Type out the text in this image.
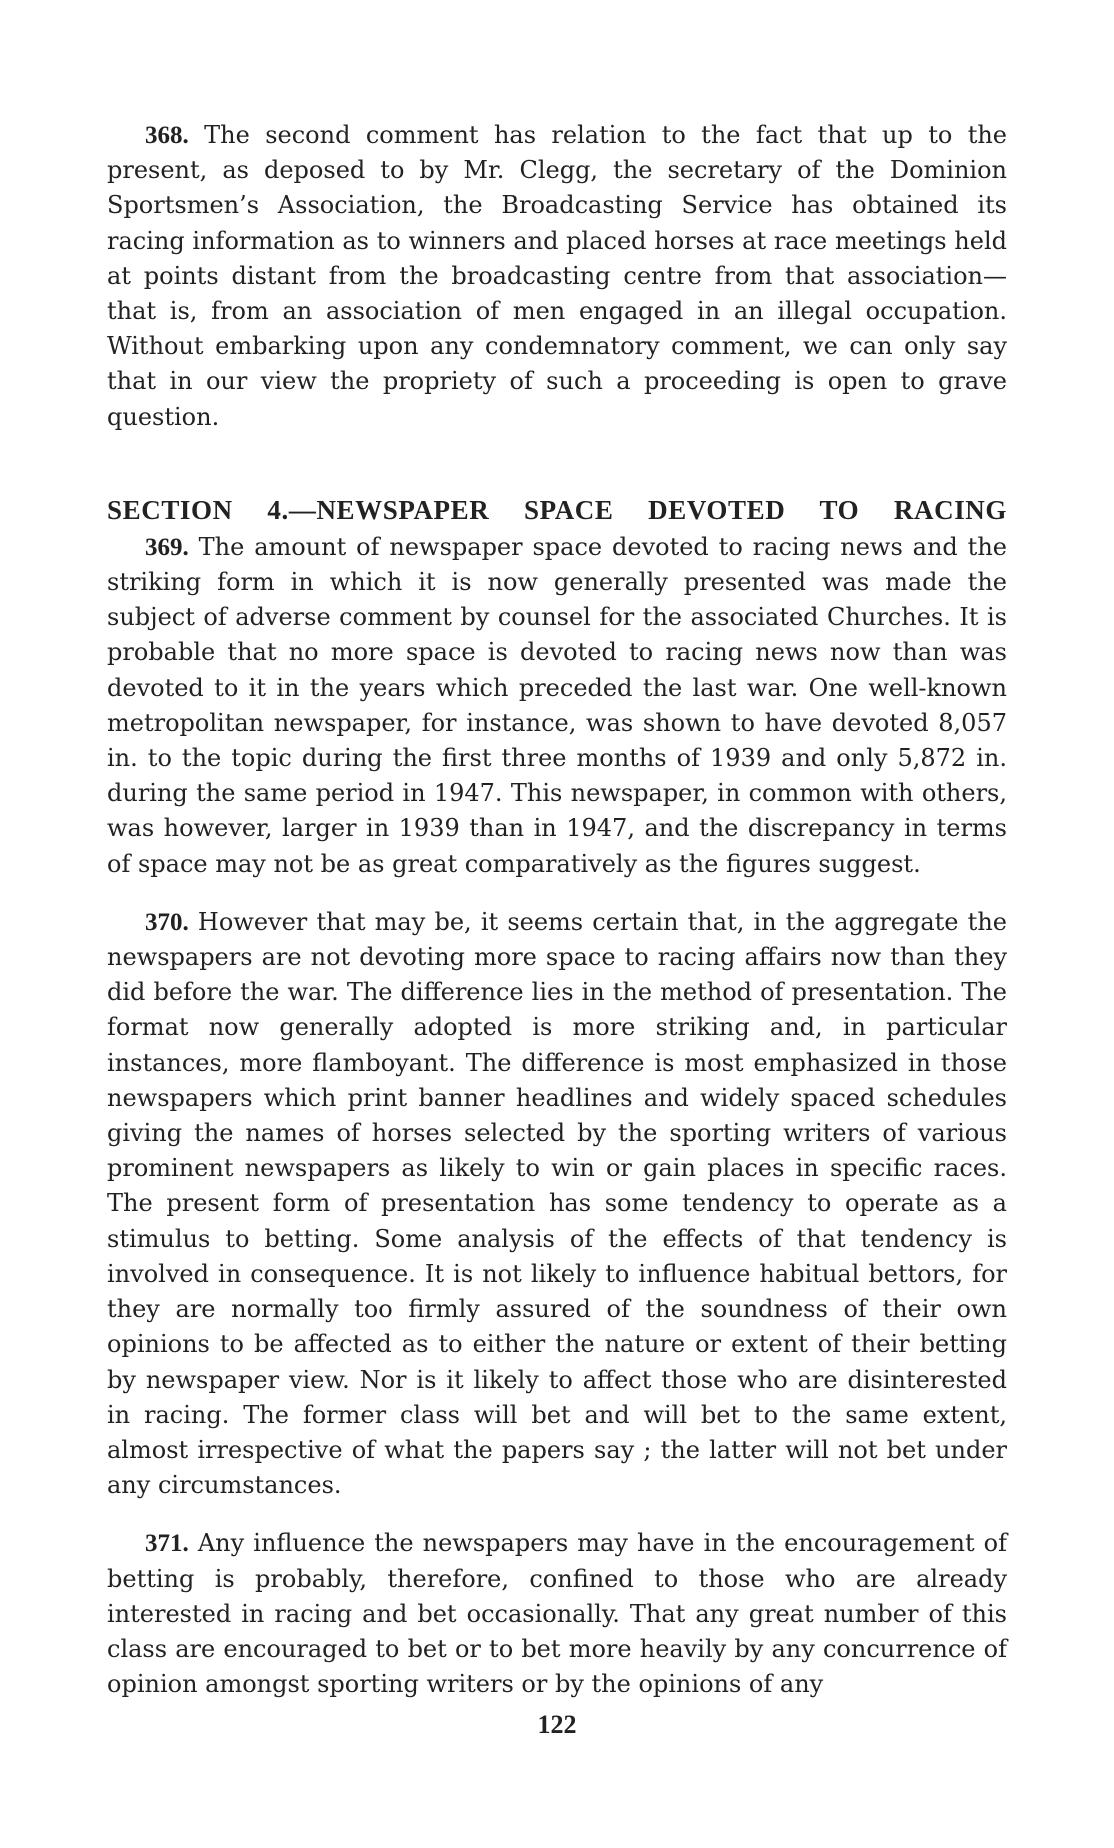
368. The second comment has relation to the fact that up to the present, as deposed to by Mr. Clegg, the secretary of the Dominion Sportsmen’s Association, the Broadcasting Service has obtained its racing information as to winners and placed horses at race meetings held at points distant from the broadcasting centre from that association—that is, from an association of men engaged in an illegal occupation. Without embarking upon any condemnatory comment, we can only say that in our view the propriety of such a proceeding is open to grave question.

SECTION 4.—NEWSPAPER SPACE DEVOTED TO RACING

369. The amount of newspaper space devoted to racing news and the striking form in which it is now generally presented was made the subject of adverse comment by counsel for the associated Churches. It is probable that no more space is devoted to racing news now than was devoted to it in the years which preceded the last war. One well-known metropolitan newspaper, for instance, was shown to have devoted 8,057 in. to the topic during the first three months of 1939 and only 5,872 in. during the same period in 1947. This newspaper, in common with others, was however, larger in 1939 than in 1947, and the discrepancy in terms of space may not be as great comparatively as the figures suggest.

370. However that may be, it seems certain that, in the aggregate the newspapers are not devoting more space to racing affairs now than they did before the war. The difference lies in the method of presentation. The format now generally adopted is more striking and, in particular instances, more flamboyant. The difference is most emphasized in those newspapers which print banner headlines and widely spaced schedules giving the names of horses selected by the sporting writers of various prominent newspapers as likely to win or gain places in specific races. The present form of presentation has some tendency to operate as a stimulus to betting. Some analysis of the effects of that tendency is involved in consequence. It is not likely to influence habitual bettors, for they are normally too firmly assured of the soundness of their own opinions to be affected as to either the nature or extent of their betting by newspaper view. Nor is it likely to affect those who are disinterested in racing. The former class will bet and will bet to the same extent, almost irrespective of what the papers say ; the latter will not bet under any circumstances.

371. Any influence the newspapers may have in the encouragement of betting is probably, therefore, confined to those who are already interested in racing and bet occasionally. That any great number of this class are encouraged to bet or to bet more heavily by any concurrence of opinion amongst sporting writers or by the opinions of any

122
